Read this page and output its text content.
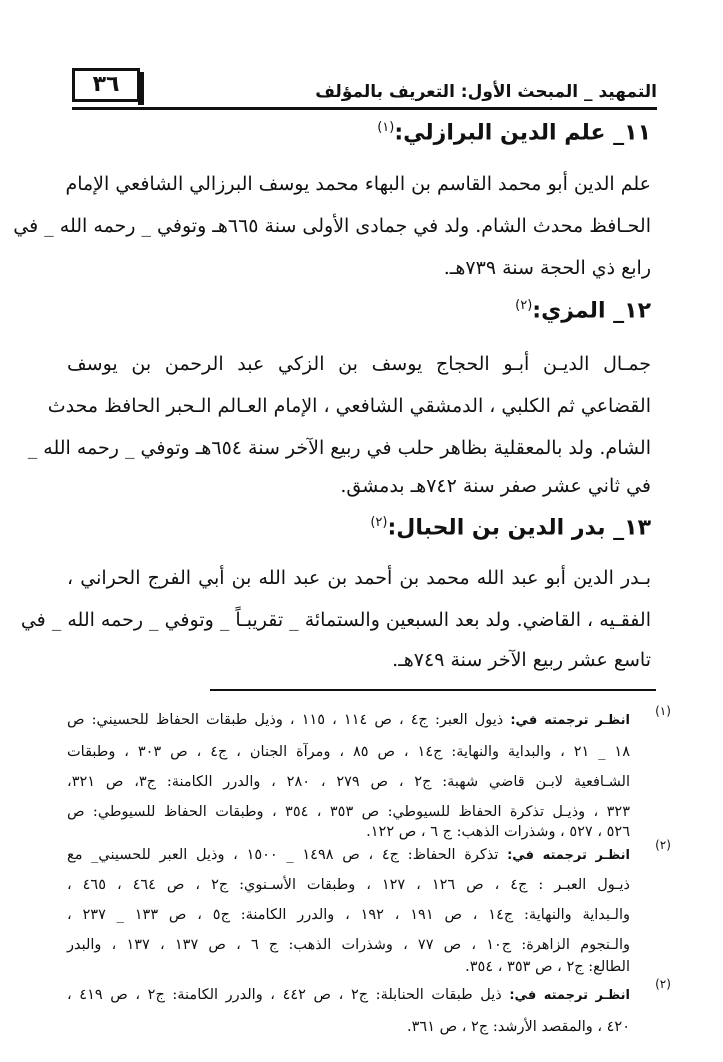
٣٦	التمهيد _ المبحث الأول: التعريف بالمؤلف
١١_ علم الدين البرازلي:$^{(١)}$
علم الدين أبو محمد القاسم بن البهاء محمد يوسف البرزالي الشافعي الإمام
الحـافظ محدث الشام. ولد في جمادى الأولى سنة ٦٦٥هـ وتوفي _ رحمه الله _ في
رابع ذي الحجة سنة ٧٣٩هـ.
١٢_ المزي:$^{(٢)}$
جمـال الديـن أبـو الحجاج يوسف بن الزكي عبد الرحمن بن يوسف
القضاعي ثم الكلبي ، الدمشقي الشافعي ، الإمام العـالم الـحبر الحافظ محدث
الشام. ولد بالمعقلية بظاهر حلب في ربيع الآخر سنة ٦٥٤هـ وتوفي _ رحمه الله _
في ثاني عشر صفر سنة ٧٤٢هـ بدمشق.
١٣_ بدر الدين بن الحبال:$^{(٢)}$
بـدر الدين أبو عبد الله محمد بن أحمد بن عبد الله بن أبي الفرج الحراني ،
الفقـيه ، القاضي. ولد بعد السبعين والستمائة _ تقريبـاً _ وتوفي _ رحمه الله _ في
تاسع عشر ربيع الآخر سنة ٧٤٩هـ.
(١)
انظـر ترجمته في: ذيول العبر: ج٤ ، ص ١١٤ ، ١١٥ ، وذيل طبقات الحفاظ للحسيني: ص
١٨ _ ٢١ ، والبداية والنهاية: ج١٤ ، ص ٨٥ ، ومرآة الجنان ، ج٤ ، ص ٣٠٣ ، وطبقات
الشـافعية لابـن قاضي شهبة: ج٢ ، ص ٢٧٩ ، ٢٨٠ ، والدرر الكامنة: ج٣، ص ٣٢١،
٣٢٣ ، وذيـل تذكرة الحفاظ للسيوطي: ص ٣٥٣ ، ٣٥٤ ، وطبقات الحفاظ للسيوطي: ص
٥٢٦ ، ٥٢٧ ، وشذرات الذهب: ج ٦ ، ص ١٢٢.
(٢)
انظـر ترجمته في: تذكرة الحفاظ: ج٤ ، ص ١٤٩٨ _ ١٥٠٠ ، وذيل العبر للحسيني_ مع
ذيـول العبـر : ج٤ ، ص ١٢٦ ، ١٢٧ ، وطبقات الأسـنوي: ج٢ ، ص ٤٦٤ ، ٤٦٥ ،
والـبداية والنهاية: ج١٤ ، ص ١٩١ ، ١٩٢ ، والدرر الكامنة: ج٥ ، ص ١٣٣ _ ٢٣٧ ،
والـنجوم الزاهرة: ج١٠ ، ص ٧٧ ، وشذرات الذهب: ج ٦ ، ص ١٣٧ ، ١٣٧ ، والبدر
الطالع: ج٢ ، ص ٣٥٣ ، ٣٥٤.
(٢)
انظـر ترجمته في: ذيل طبقات الحنابلة: ج٢ ، ص ٤٤٢ ، والدرر الكامنة: ج٢ ، ص ٤١٩ ،
٤٢٠ ، والمقصد الأرشد: ج٢ ، ص ٣٦١.
